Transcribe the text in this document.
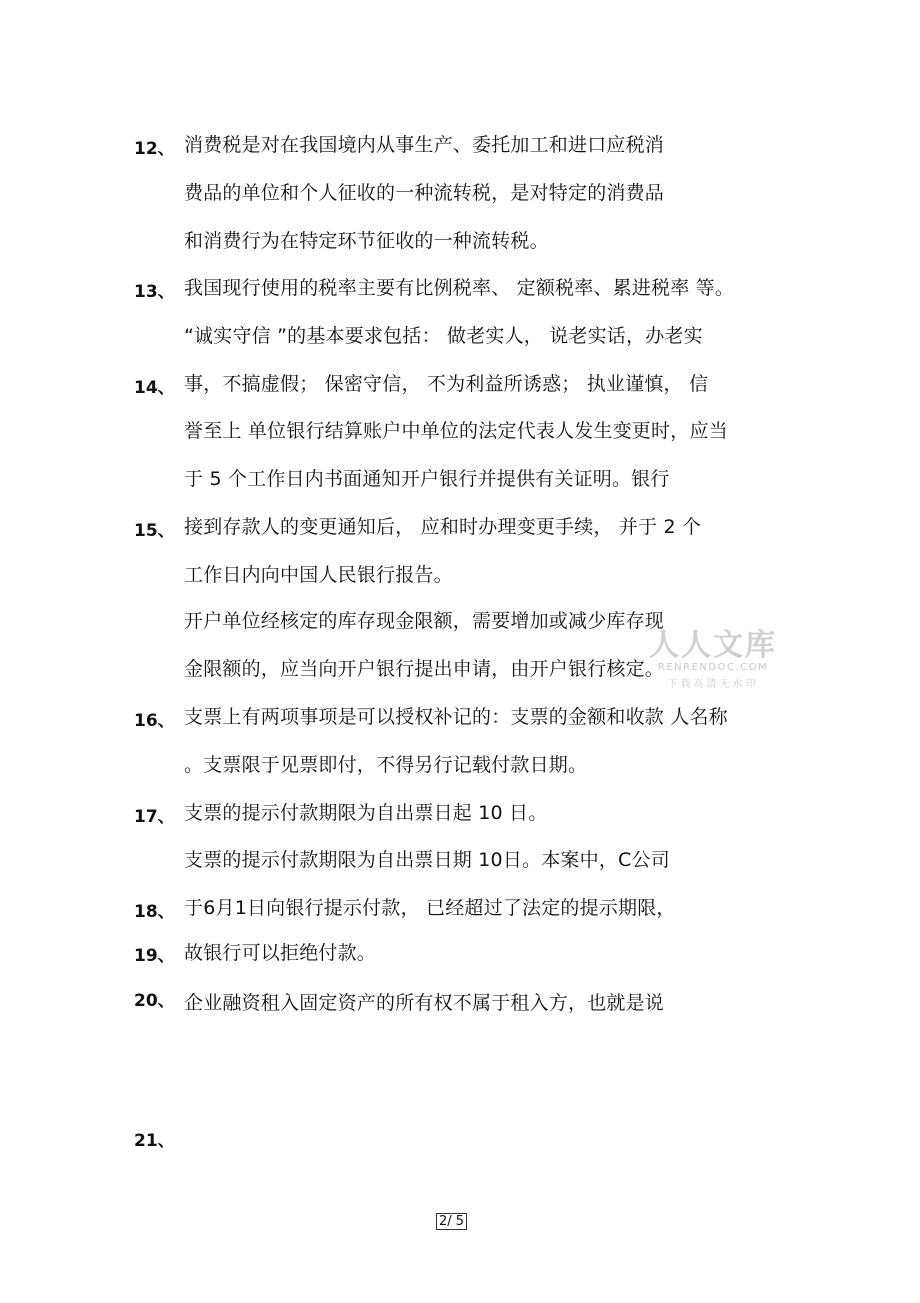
12、 消费税是对在我国境内从事生产、委托加工和进口应税消
费品的单位和个人征收的一种流转税，是对特定的消费品
和消费行为在特定环节征收的一种流转税。
13、 我国现行使用的税率主要有比例税率、 定额税率、累进税率 等。
“诚实守信 ”的基本要求包括： 做老实人， 说老实话，办老实
14、 事，不搞虚假； 保密守信， 不为利益所诱惑； 执业谨慎， 信
誉至上 单位银行结算账户中单位的法定代表人发生变更时，应当
于 5 个工作日内书面通知开户银行并提供有关证明。银行
15、 接到存款人的变更通知后， 应和时办理变更手续， 并于 2 个
工作日内向中国人民银行报告。
开户单位经核定的库存现金限额，需要增加或减少库存现
金限额的，应当向开户银行提出申请，由开户银行核定。
16、 支票上有两项事项是可以授权补记的：支票的金额和收款 人名称
。支票限于见票即付，不得另行记载付款日期。
17、 支票的提示付款期限为自出票日起 10 日。
支票的提示付款期限为自出票日期 10日。本案中，C公司
18、 于6月1日向银行提示付款， 已经超过了法定的提示期限，
19、 故银行可以拒绝付款。
20、 企业融资租入固定资产的所有权不属于租入方，也就是说
21、
人人文库
RENRENDOC.COM
下载高清无水印
2/ 5
